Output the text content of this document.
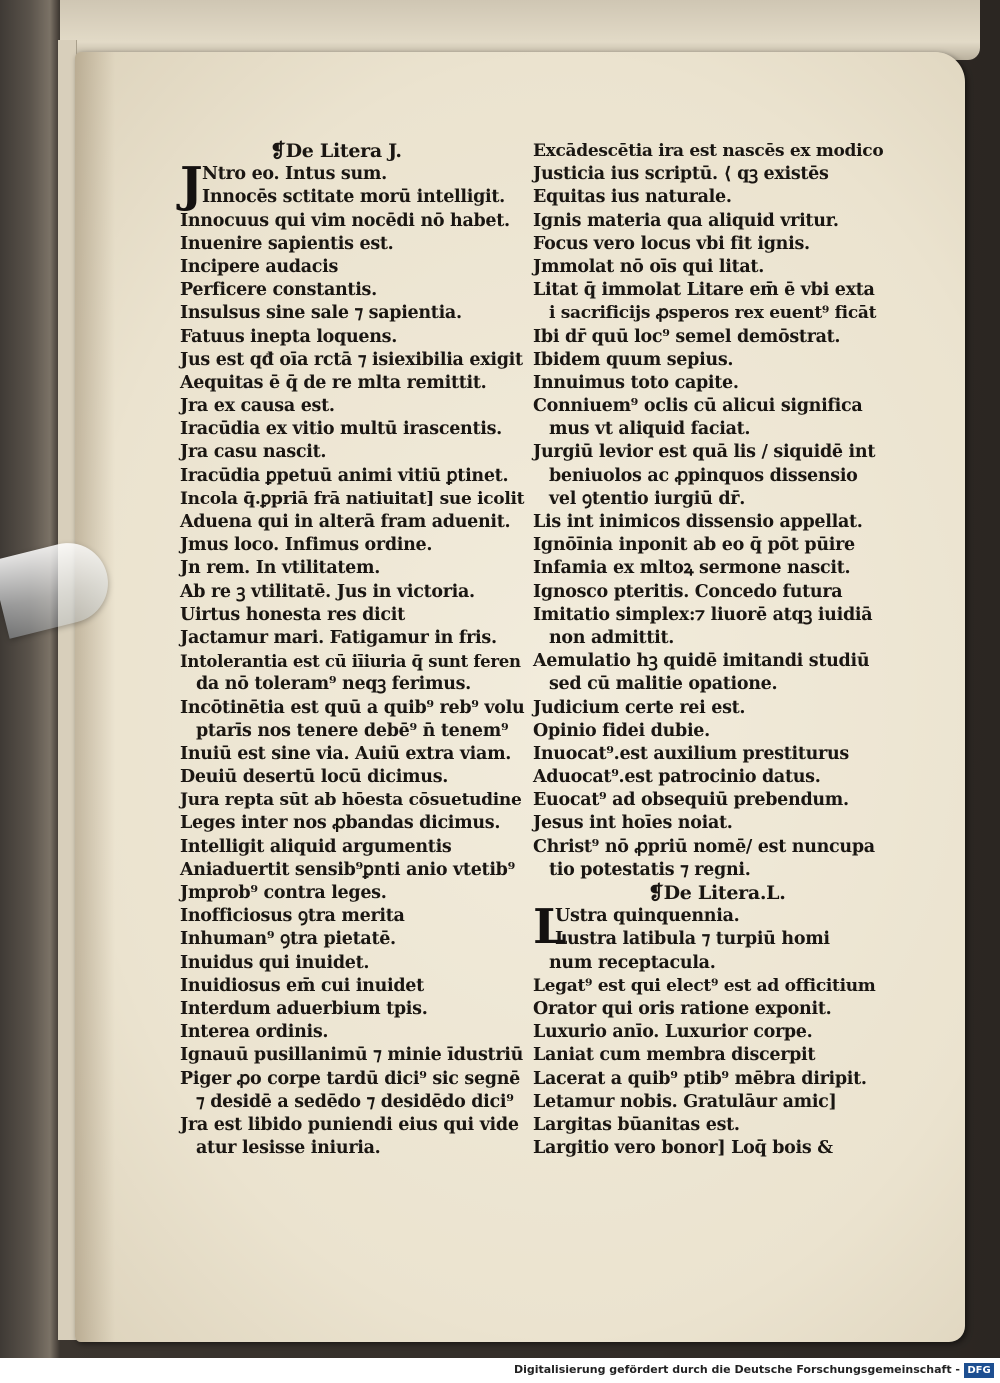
❡De Litera J.
J Ntro eo. Intus sum.
Innocēs sctitate morū intelligit.
Innocuus qui vim nocēdi nō habet.
Inuenire sapientis est.
Incipere audacis
Perficere constantis.
Insulsus sine sale ⁊ sapientia.
Fatuus inepta loquens.
Jus est qđ oīa rctā ⁊ isiexibilia exigit
Aequitas ē q̄ de re mlta remittit.
Jra ex causa est.
Iracūdia ex vitio multū irascentis.
Jra casu nascit.
Iracūdia ꝑpetuū animi vitiū ꝑtinet.
Incola q̄.ꝑpriā frā natiuitat] sue icolit
Aduena qui in alterā fram aduenit.
Jmus loco. Infimus ordine.
Jn rem. In vtilitatem.
Ab re ꝫ vtilitatē. Jus in victoria.
Uirtus honesta res dicit
Jactamur mari. Fatigamur in fris.
Intolerantia est cū iīiuria q̄ sunt feren
da nō toleram⁹ neqꝫ ferimus.
Incōtinētia est quū a quib⁹ reb⁹ volu
ptarīs nos tenere debē⁹ n̄ tenem⁹
Inuiū est sine via. Auiū extra viam.
Deuiū desertū locū dicimus.
Jura repta sūt ab hōesta cōsuetudine
Leges inter nos ꝓbandas dicimus.
Intelligit aliquid argumentis
Aniaduertit sensib⁹ꝑnti anio vtetib⁹
Jmprob⁹ contra leges.
Inofficiosus ꝯtra merita
Inhuman⁹ ꝯtra pietatē.
Inuidus qui inuidet.
Inuidiosus em̄ cui inuidet
Interdum aduerbium tpis.
Interea ordinis.
Ignauū pusillanimū ⁊ minie īdustriū
Piger ꝓo corpe tardū dici⁹ sic segnē
⁊ desidē a sedēdo ⁊ desidēdo dici⁹
Jra est libido puniendi eius qui vide
atur lesisse iniuria.
Excādescētia ira est nascēs ex modico
Justicia ius scriptū. ⟨ qꝫ existēs
Equitas ius naturale.
Ignis materia qua aliquid vritur.
Focus vero locus vbi fit ignis.
Jmmolat nō oīs qui litat.
Litat q̄ immolat Litare em̄ ē vbi exta
i sacrificijs ꝓsperos rex euent⁹ ficāt
Ibi dr̄ quū loc⁹ semel demōstrat.
Ibidem quum sepius.
Innuimus toto capite.
Conniuem⁹ oclis cū alicui significa
mus vt aliquid faciat.
Jurgiū levior est quā lis / siquidē int
beniuolos ac ꝓpinquos dissensio
vel ꝯtentio iurgiū dr̄.
Lis int inimicos dissensio appellat.
Ignōīnia inponit ab eo q̄ pōt pūire
Infamia ex mltoꝝ sermone nascit.
Ignosco pteritis. Concedo futura
Imitatio simplex:⁊ liuorē atqꝫ iuidiā
non admittit.
Aemulatio hꝫ quidē imitandi studiū
sed cū malitie opatione.
Judicium certe rei est.
Opinio fidei dubie.
Inuocat⁹.est auxilium prestiturus
Aduocat⁹.est patrocinio datus.
Euocat⁹ ad obsequiū prebendum.
Jesus int hoīes noiat.
Christ⁹ nō ꝓpriū nomē/ est nuncupa
tio potestatis ⁊ regni.
❡De Litera.L.
L
Ustra quinquennia.
Lustra latibula ⁊ turpiū homi
num receptacula.
Legat⁹ est qui elect⁹ est ad officitium
Orator qui oris ratione exponit.
Luxurio anīo. Luxurior corpe.
Laniat cum membra discerpit
Lacerat a quib⁹ ptib⁹ mēbra diripit.
Letamur nobis. Gratulāur amic]
Largitas būanitas est.
Largitio vero bonor] Loq̄ bois &
Digitalisierung gefördert durch die Deutsche Forschungsgemeinschaft - DFG
